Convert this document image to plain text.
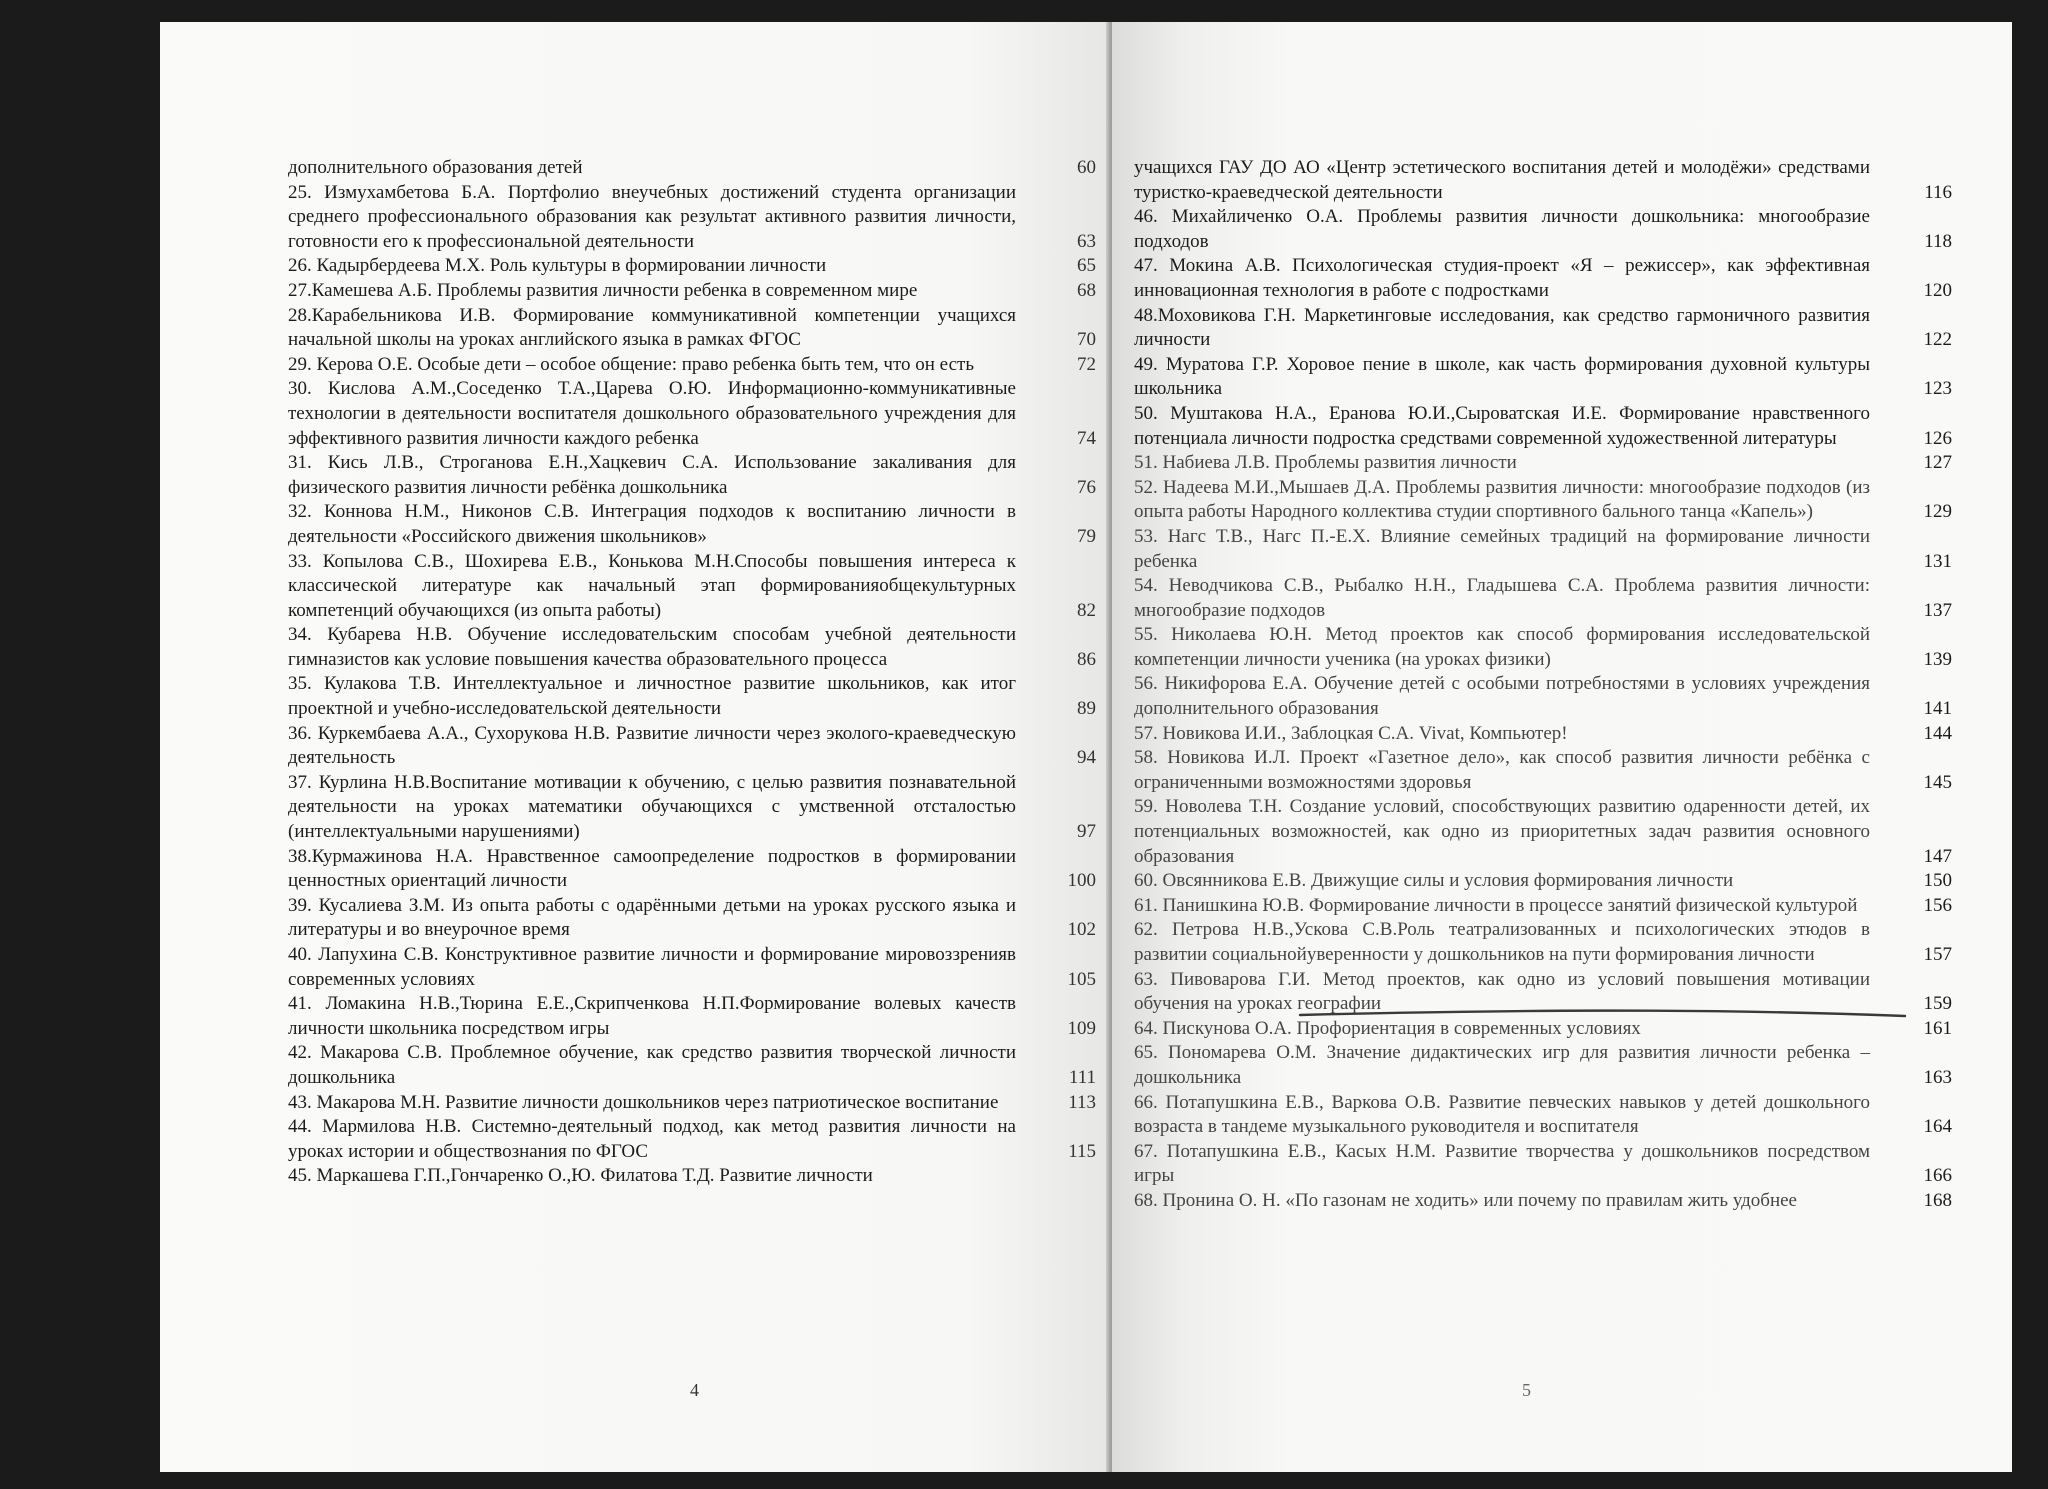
дополнительного образования детей	60
25. Измухамбетова Б.А. Портфолио внеучебных достижений студента организации среднего профессионального образования как результат активного развития личности, готовности его к профессиональной деятельности	63
26. Кадырбердеева М.Х. Роль культуры в формировании личности	65
27.Камешева А.Б. Проблемы развития личности ребенка в современном мире	68
28.Карабельникова И.В. Формирование коммуникативной компетенции учащихся начальной школы на уроках английского языка в рамках ФГОС	70
29. Керова О.Е. Особые дети – особое общение: право ребенка быть тем, что он есть	72
30. Кислова А.М.,Соседенко Т.А.,Царева О.Ю. Информационно-коммуникативные технологии в деятельности воспитателя дошкольного образовательного учреждения для эффективного развития личности каждого ребенка	74
31. Кись Л.В., Строганова Е.Н.,Хацкевич С.А. Использование закаливания для физического развития личности ребёнка дошкольника	76
32. Коннова Н.М., Никонов С.В. Интеграция подходов к воспитанию личности в деятельности «Российского движения школьников»	79
33. Копылова С.В., Шохирева Е.В., Конькова М.Н.Способы повышения интереса к классической литературе как начальный этап формированияобщекультурных компетенций обучающихся (из опыта работы)	82
34. Кубарева Н.В. Обучение исследовательским способам учебной деятельности гимназистов как условие повышения качества образовательного процесса	86
35. Кулакова Т.В. Интеллектуальное и личностное развитие школьников, как итог проектной и учебно-исследовательской деятельности	89
36. Куркембаева А.А., Сухорукова Н.В. Развитие личности через эколого-краеведческую деятельность	94
37. Курлина Н.В.Воспитание мотивации к обучению, с целью развития познавательной деятельности на уроках математики обучающихся с умственной отсталостью (интеллектуальными нарушениями)	97
38.Курмажинова Н.А. Нравственное самоопределение подростков в формировании ценностных ориентаций личности	100
39. Кусалиева З.М. Из опыта работы с одарёнными детьми на уроках русского языка и литературы и во внеурочное время	102
40. Лапухина С.В. Конструктивное развитие личности и формирование мировоззренияв современных условиях	105
41. Ломакина Н.В.,Тюрина Е.Е.,Скрипченкова Н.П.Формирование волевых качеств личности школьника посредством игры	109
42. Макарова С.В. Проблемное обучение, как средство развития творческой личности дошкольника	111
43. Макарова М.Н. Развитие личности дошкольников через патриотическое воспитание	113
44. Мармилова Н.В. Системно-деятельный подход, как метод развития личности на уроках истории и обществознания по ФГОС	115
45. Маркашева Г.П.,Гончаренко О.,Ю. Филатова Т.Д. Развитие личности
4
учащихся ГАУ ДО АО «Центр эстетического воспитания детей и молодёжи» средствами туристко-краеведческой деятельности	116
46. Михайличенко О.А. Проблемы развития личности дошкольника: многообразие подходов	118
47. Мокина А.В. Психологическая студия-проект «Я – режиссер», как эффективная инновационная технология в работе с подростками	120
48.Моховикова Г.Н. Маркетинговые исследования, как средство гармоничного развития личности	122
49. Муратова Г.Р. Хоровое пение в школе, как часть формирования духовной культуры школьника	123
50. Муштакова Н.А., Еранова Ю.И.,Сыроватская И.Е. Формирование нравственного потенциала личности подростка средствами современной художественной литературы	126
51. Набиева Л.В. Проблемы развития личности	127
52. Надеева М.И.,Мышаев Д.А. Проблемы развития личности: многообразие подходов (из опыта работы Народного коллектива студии спортивного бального танца «Капель»)	129
53. Нагс Т.В., Нагс П.-Е.Х. Влияние семейных традиций на формирование личности ребенка	131
54. Неводчикова С.В., Рыбалко Н.Н., Гладышева С.А. Проблема развития личности: многообразие подходов	137
55. Николаева Ю.Н. Метод проектов как способ формирования исследовательской компетенции личности ученика (на уроках физики)	139
56. Никифорова Е.А. Обучение детей с особыми потребностями в условиях учреждения дополнительного образования	141
57. Новикова И.И., Заблоцкая С.А. Vivat, Компьютер!	144
58. Новикова И.Л. Проект «Газетное дело», как способ развития личности ребёнка с ограниченными возможностями здоровья	145
59. Новолева Т.Н. Создание условий, способствующих развитию одаренности детей, их потенциальных возможностей, как одно из приоритетных задач развития основного образования	147
60. Овсянникова Е.В. Движущие силы и условия формирования личности	150
61. Панишкина Ю.В. Формирование личности в процессе занятий физической культурой	156
62. Петрова Н.В.,Ускова С.В.Роль театрализованных и психологических этюдов в развитии социальнойуверенности у дошкольников на пути формирования личности	157
63. Пивоварова Г.И. Метод проектов, как одно из условий повышения мотивации обучения на уроках географии	159
64. Пискунова О.А. Профориентация в современных условиях	161
65. Пономарева О.М. Значение дидактических игр для развития личности ребенка – дошкольника	163
66. Потапушкина Е.В., Варкова О.В. Развитие певческих навыков у детей дошкольного возраста в тандеме музыкального руководителя и воспитателя	164
67. Потапушкина Е.В., Касых Н.М. Развитие творчества у дошкольников посредством игры	166
68. Пронина О. Н. «По газонам не ходить» или почему по правилам жить удобнее	168
5
